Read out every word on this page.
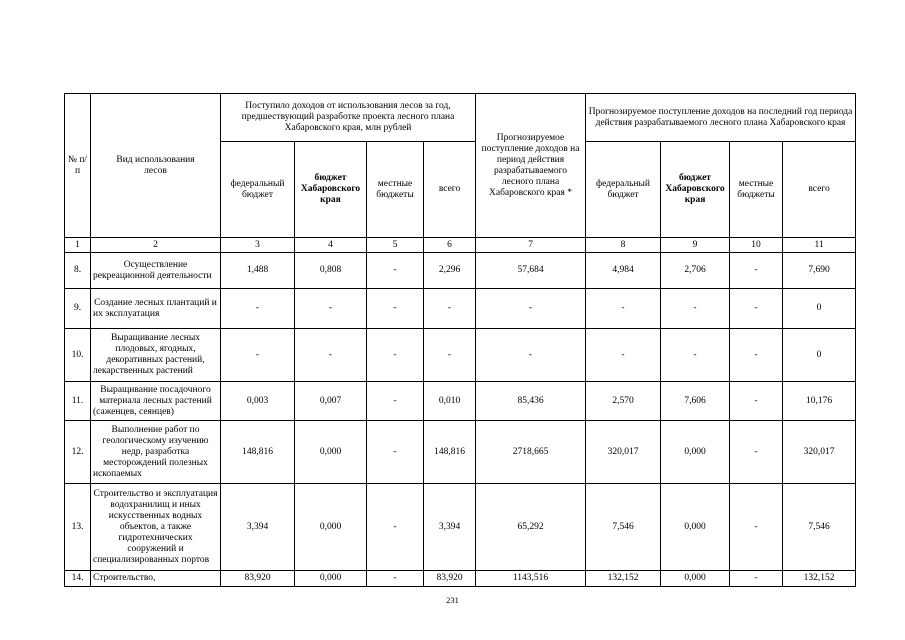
№ п/п	Вид использования лесов	Поступило доходов от использования лесов за год, предшествующий разработке проекта лесного плана Хабаровского края, млн рублей				Прогнозируемое поступление доходов на период действия разрабатываемого лесного плана Хабаровского края *	Прогнозируемое поступление доходов на последний год периода действия разрабатываемого лесного плана Хабаровского края			
		федеральный бюджет	бюджет Хабаровского края	местные бюджеты	всего		федеральный бюджет	бюджет Хабаровского края	местные бюджеты	всего
1	2	3	4	5	6	7	8	9	10	11
8.	Осуществление рекреационной деятельности	1,488	0,808	-	2,296	57,684	4,984	2,706	-	7,690
9.	Создание лесных плантаций и их эксплуатация	-	-	-	-	-	-	-	-	0
10.	Выращивание лесных плодовых, ягодных, декоративных растений, лекарственных растений	-	-	-	-	-	-	-	-	0
11.	Выращивание посадочного материала лесных растений (саженцев, сеянцев)	0,003	0,007	-	0,010	85,436	2,570	7,606	-	10,176
12.	Выполнение работ по геологическому изучению недр, разработка месторождений полезных ископаемых	148,816	0,000	-	148,816	2718,665	320,017	0,000	-	320,017
13.	Строительство и эксплуатация водохранилищ и иных искусственных водных объектов, а также гидротехнических сооружений и специализированных портов	3,394	0,000	-	3,394	65,292	7,546	0,000	-	7,546
14.	Строительство,	83,920	0,000	-	83,920	1143,516	132,152	0,000	-	132,152
231
